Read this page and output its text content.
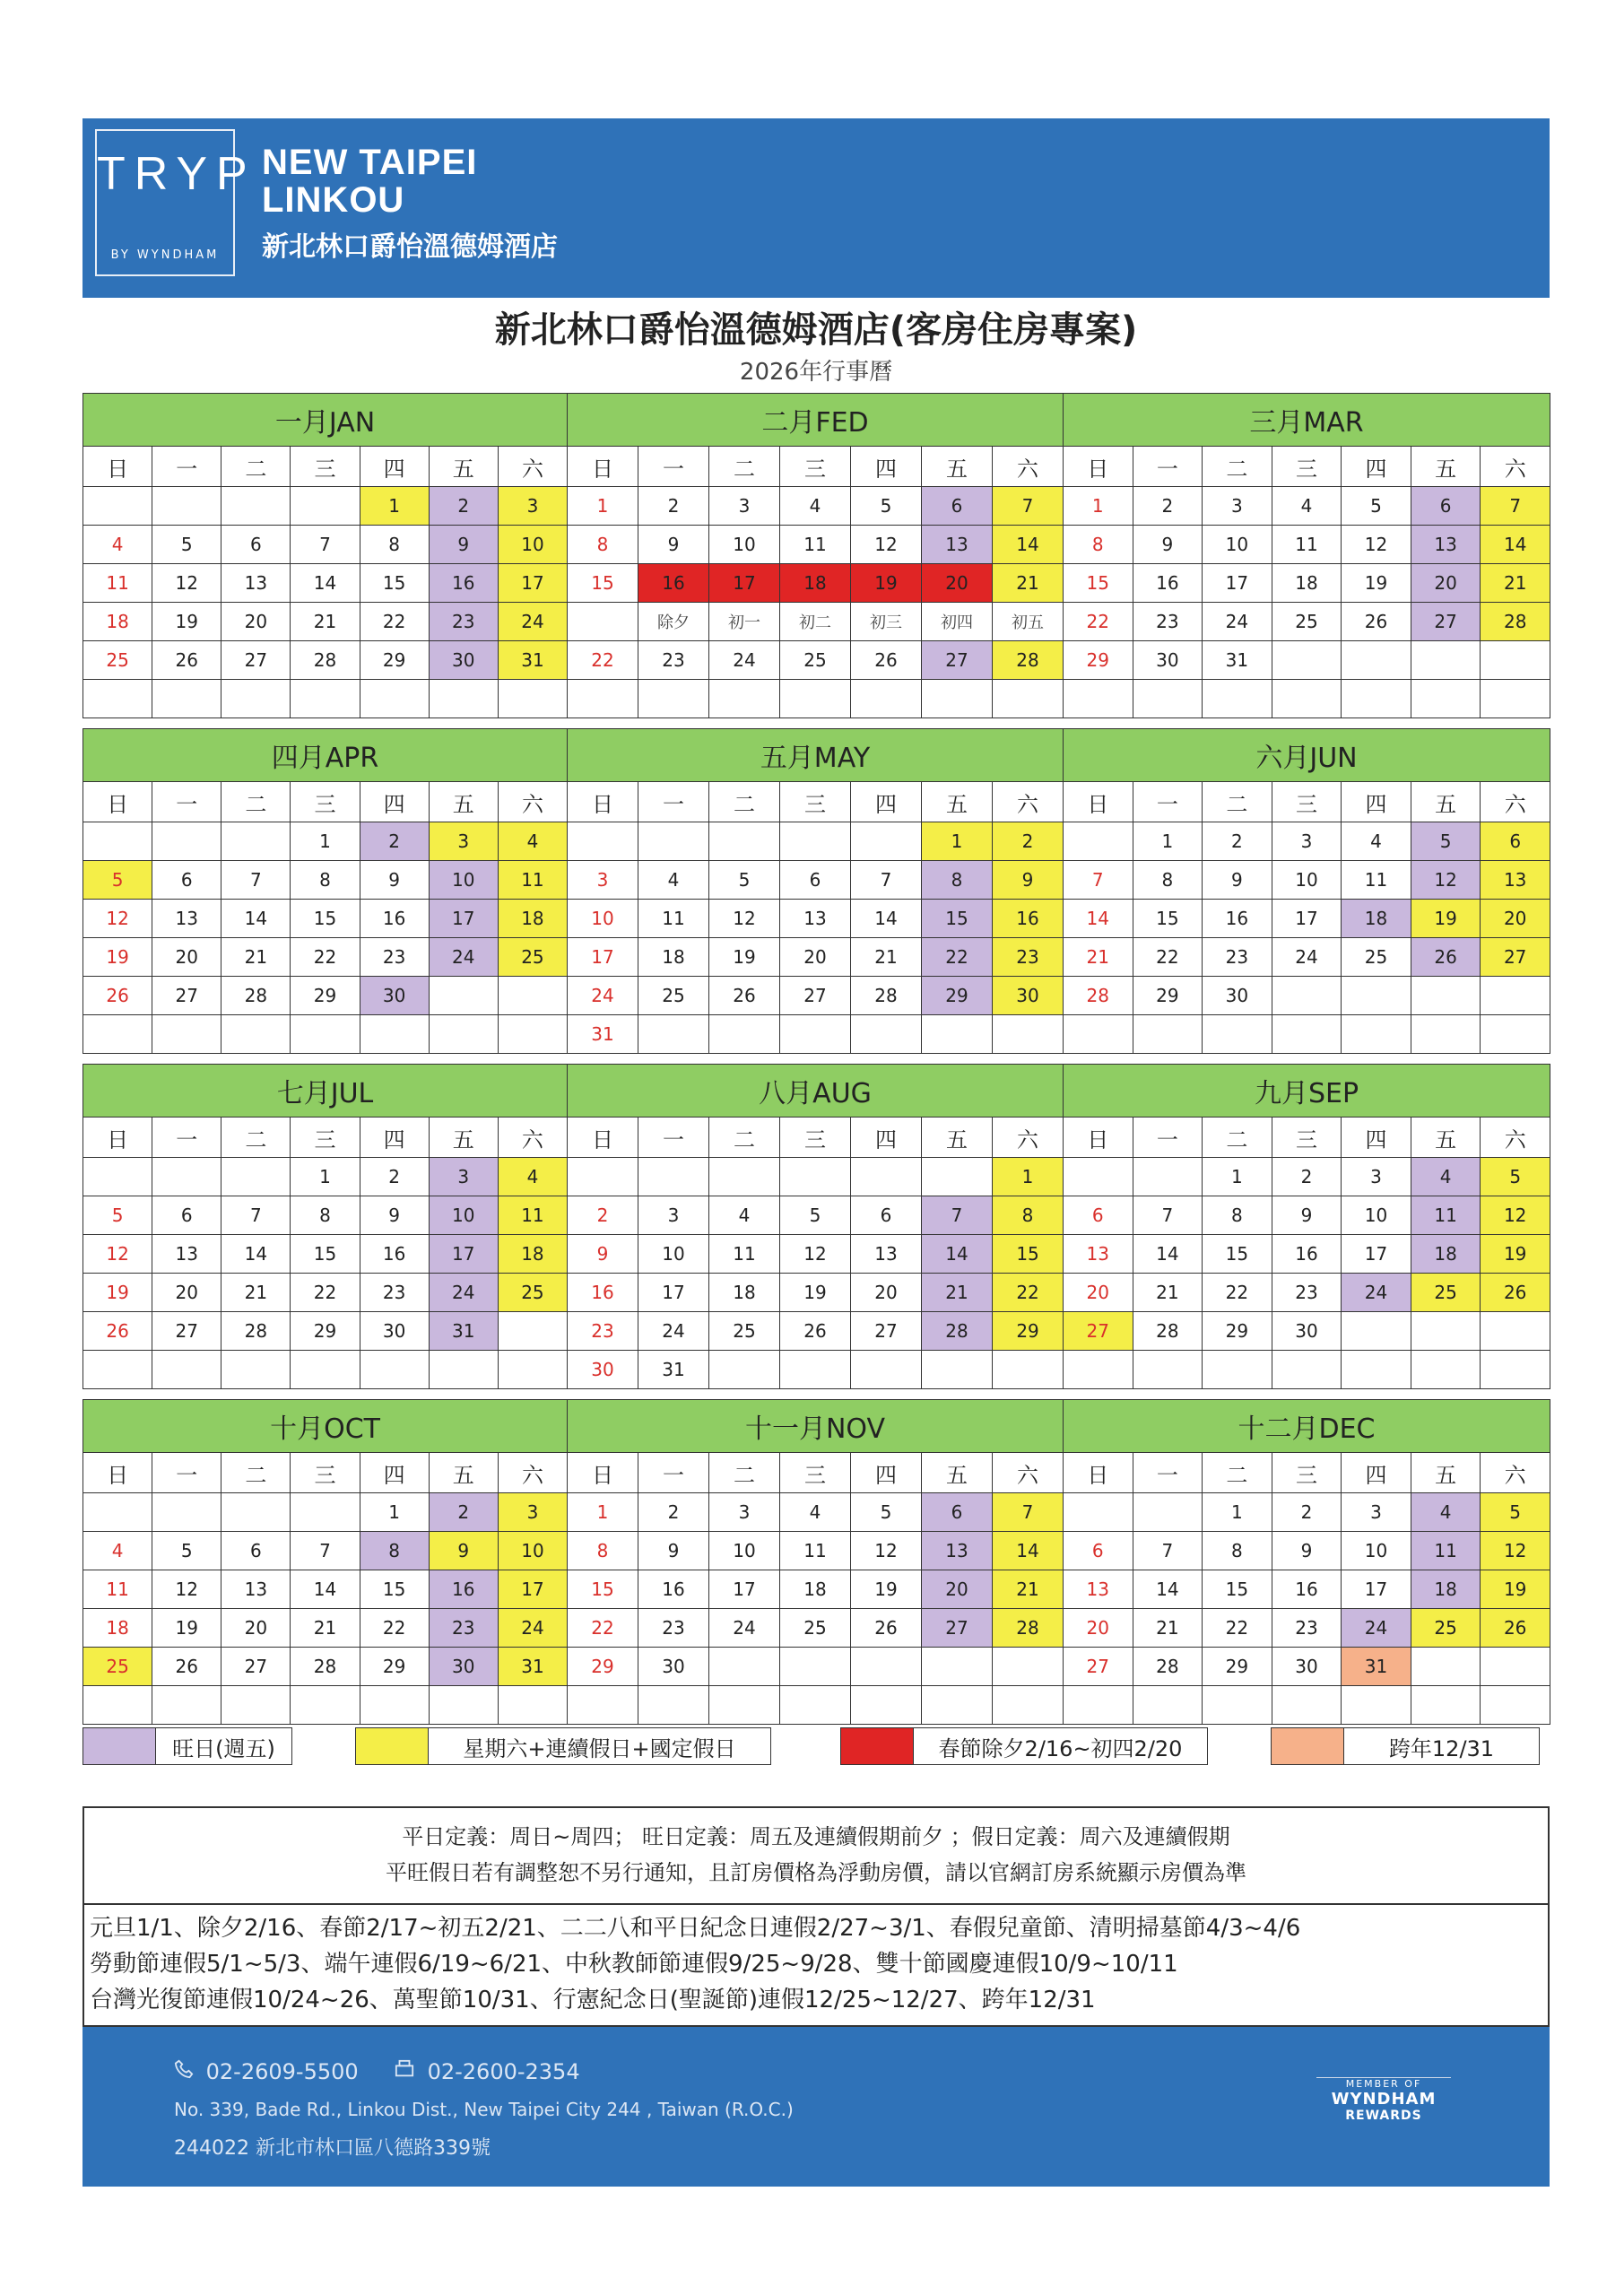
TRYP
BY WYNDHAM
NEW TAIPEI
LINKOU
新北林口爵怡溫德姆酒店
新北林口爵怡溫德姆酒店(客房住房專案)
2026年行事曆
一月JAN						
日	一	二	三	四	五	六
				1	2	3
4	5	6	7	8	9	10
11	12	13	14	15	16	17
18	19	20	21	22	23	24
25	26	27	28	29	30	31

二月FED						
日	一	二	三	四	五	六
1	2	3	4	5	6	7
8	9	10	11	12	13	14
15	16	17	18	19	20	21
	除夕	初一	初二	初三	初四	初五
22	23	24	25	26	27	28

三月MAR						
日	一	二	三	四	五	六
1	2	3	4	5	6	7
8	9	10	11	12	13	14
15	16	17	18	19	20	21
22	23	24	25	26	27	28
29	30	31				

四月APR						
日	一	二	三	四	五	六
			1	2	3	4
5	6	7	8	9	10	11
12	13	14	15	16	17	18
19	20	21	22	23	24	25
26	27	28	29	30		

五月MAY						
日	一	二	三	四	五	六
					1	2
3	4	5	6	7	8	9
10	11	12	13	14	15	16
17	18	19	20	21	22	23
24	25	26	27	28	29	30
31						
六月JUN						
日	一	二	三	四	五	六
	1	2	3	4	5	6
7	8	9	10	11	12	13
14	15	16	17	18	19	20
21	22	23	24	25	26	27
28	29	30				

七月JUL						
日	一	二	三	四	五	六
			1	2	3	4
5	6	7	8	9	10	11
12	13	14	15	16	17	18
19	20	21	22	23	24	25
26	27	28	29	30	31	

八月AUG						
日	一	二	三	四	五	六
						1
2	3	4	5	6	7	8
9	10	11	12	13	14	15
16	17	18	19	20	21	22
23	24	25	26	27	28	29
30	31					
九月SEP						
日	一	二	三	四	五	六
		1	2	3	4	5
6	7	8	9	10	11	12
13	14	15	16	17	18	19
20	21	22	23	24	25	26
27	28	29	30			

十月OCT						
日	一	二	三	四	五	六
				1	2	3
4	5	6	7	8	9	10
11	12	13	14	15	16	17
18	19	20	21	22	23	24
25	26	27	28	29	30	31

十一月NOV						
日	一	二	三	四	五	六
1	2	3	4	5	6	7
8	9	10	11	12	13	14
15	16	17	18	19	20	21
22	23	24	25	26	27	28
29	30					

十二月DEC						
日	一	二	三	四	五	六
		1	2	3	4	5
6	7	8	9	10	11	12
13	14	15	16	17	18	19
20	21	22	23	24	25	26
27	28	29	30	31		

旺日(週五)	星期六+連續假日+國定假日	春節除夕2/16~初四2/20	跨年12/31
平日定義：周日~周四； 旺日定義：周五及連續假期前夕 ；假日定義：周六及連續假期
平旺假日若有調整恕不另行通知，且訂房價格為浮動房價，請以官網訂房系統顯示房價為準
元旦1/1、除夕2/16、春節2/17~初五2/21、二二八和平日紀念日連假2/27~3/1、春假兒童節、清明掃墓節4/3~4/6
勞動節連假5/1~5/3、端午連假6/19~6/21、中秋教師節連假9/25~9/28、雙十節國慶連假10/9~10/11
台灣光復節連假10/24~26、萬聖節10/31、行憲紀念日(聖誕節)連假12/25~12/27、跨年12/31
02-2609-5500	02-2600-2354
No. 339, Bade Rd., Linkou Dist., New Taipei City 244 , Taiwan (R.O.C.)
244022 新北市林口區八德路339號
MEMBER OF
WYNDHAM
REWARDS
